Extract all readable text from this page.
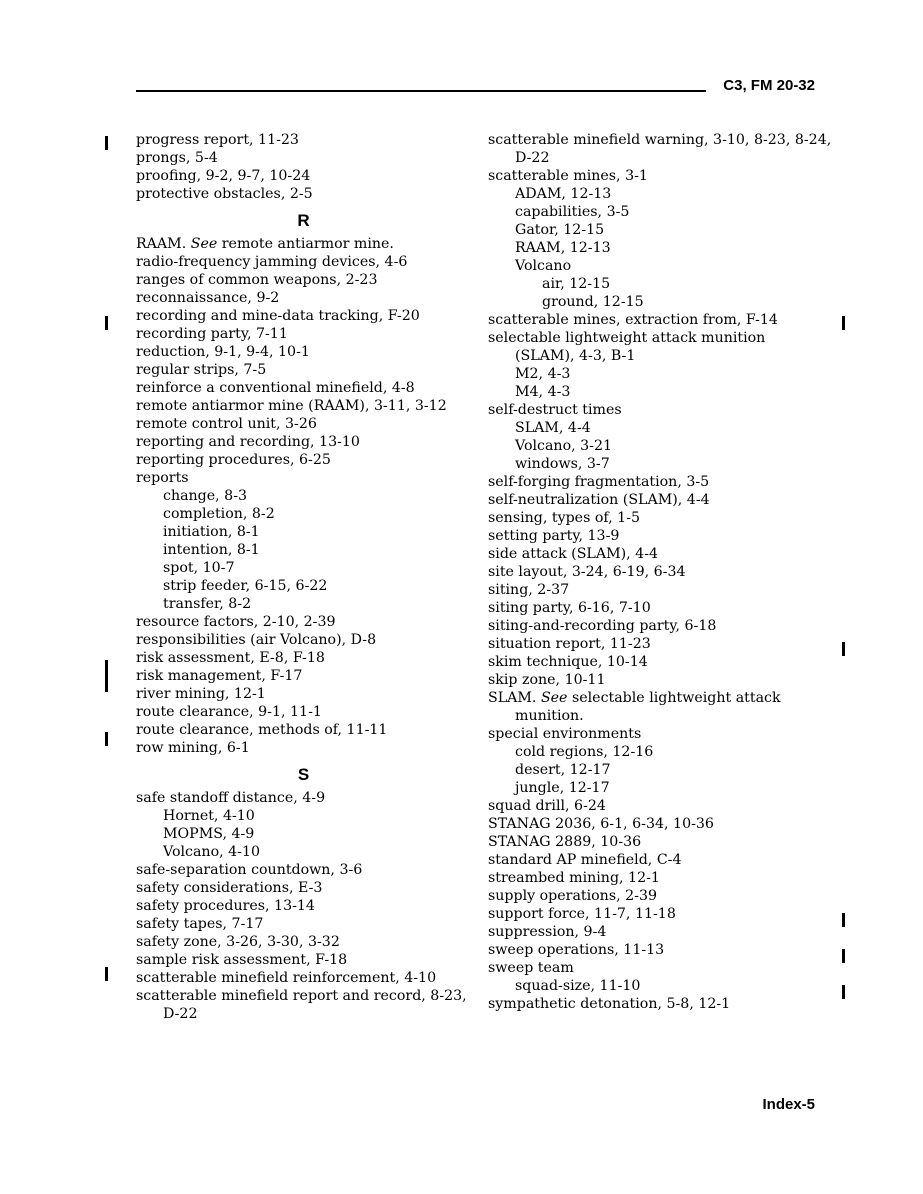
C3, FM 20-32
progress report, 11-23
prongs, 5-4
proofing, 9-2, 9-7, 10-24
protective obstacles, 2-5
R
RAAM. See remote antiarmor mine.
radio-frequency jamming devices, 4-6
ranges of common weapons, 2-23
reconnaissance, 9-2
recording and mine-data tracking, F-20
recording party, 7-11
reduction, 9-1, 9-4, 10-1
regular strips, 7-5
reinforce a conventional minefield, 4-8
remote antiarmor mine (RAAM), 3-11, 3-12
remote control unit, 3-26
reporting and recording, 13-10
reporting procedures, 6-25
reports
change, 8-3
completion, 8-2
initiation, 8-1
intention, 8-1
spot, 10-7
strip feeder, 6-15, 6-22
transfer, 8-2
resource factors, 2-10, 2-39
responsibilities (air Volcano), D-8
risk assessment, E-8, F-18
risk management, F-17
river mining, 12-1
route clearance, 9-1, 11-1
route clearance, methods of, 11-11
row mining, 6-1
S
safe standoff distance, 4-9
Hornet, 4-10
MOPMS, 4-9
Volcano, 4-10
safe-separation countdown, 3-6
safety considerations, E-3
safety procedures, 13-14
safety tapes, 7-17
safety zone, 3-26, 3-30, 3-32
sample risk assessment, F-18
scatterable minefield reinforcement, 4-10
scatterable minefield report and record, 8-23,
D-22
scatterable minefield warning, 3-10, 8-23, 8-24,
D-22
scatterable mines, 3-1
ADAM, 12-13
capabilities, 3-5
Gator, 12-15
RAAM, 12-13
Volcano
air, 12-15
ground, 12-15
scatterable mines, extraction from, F-14
selectable lightweight attack munition
(SLAM), 4-3, B-1
M2, 4-3
M4, 4-3
self-destruct times
SLAM, 4-4
Volcano, 3-21
windows, 3-7
self-forging fragmentation, 3-5
self-neutralization (SLAM), 4-4
sensing, types of, 1-5
setting party, 13-9
side attack (SLAM), 4-4
site layout, 3-24, 6-19, 6-34
siting, 2-37
siting party, 6-16, 7-10
siting-and-recording party, 6-18
situation report, 11-23
skim technique, 10-14
skip zone, 10-11
SLAM. See selectable lightweight attack
munition.
special environments
cold regions, 12-16
desert, 12-17
jungle, 12-17
squad drill, 6-24
STANAG 2036, 6-1, 6-34, 10-36
STANAG 2889, 10-36
standard AP minefield, C-4
streambed mining, 12-1
supply operations, 2-39
support force, 11-7, 11-18
suppression, 9-4
sweep operations, 11-13
sweep team
squad-size, 11-10
sympathetic detonation, 5-8, 12-1
Index-5
